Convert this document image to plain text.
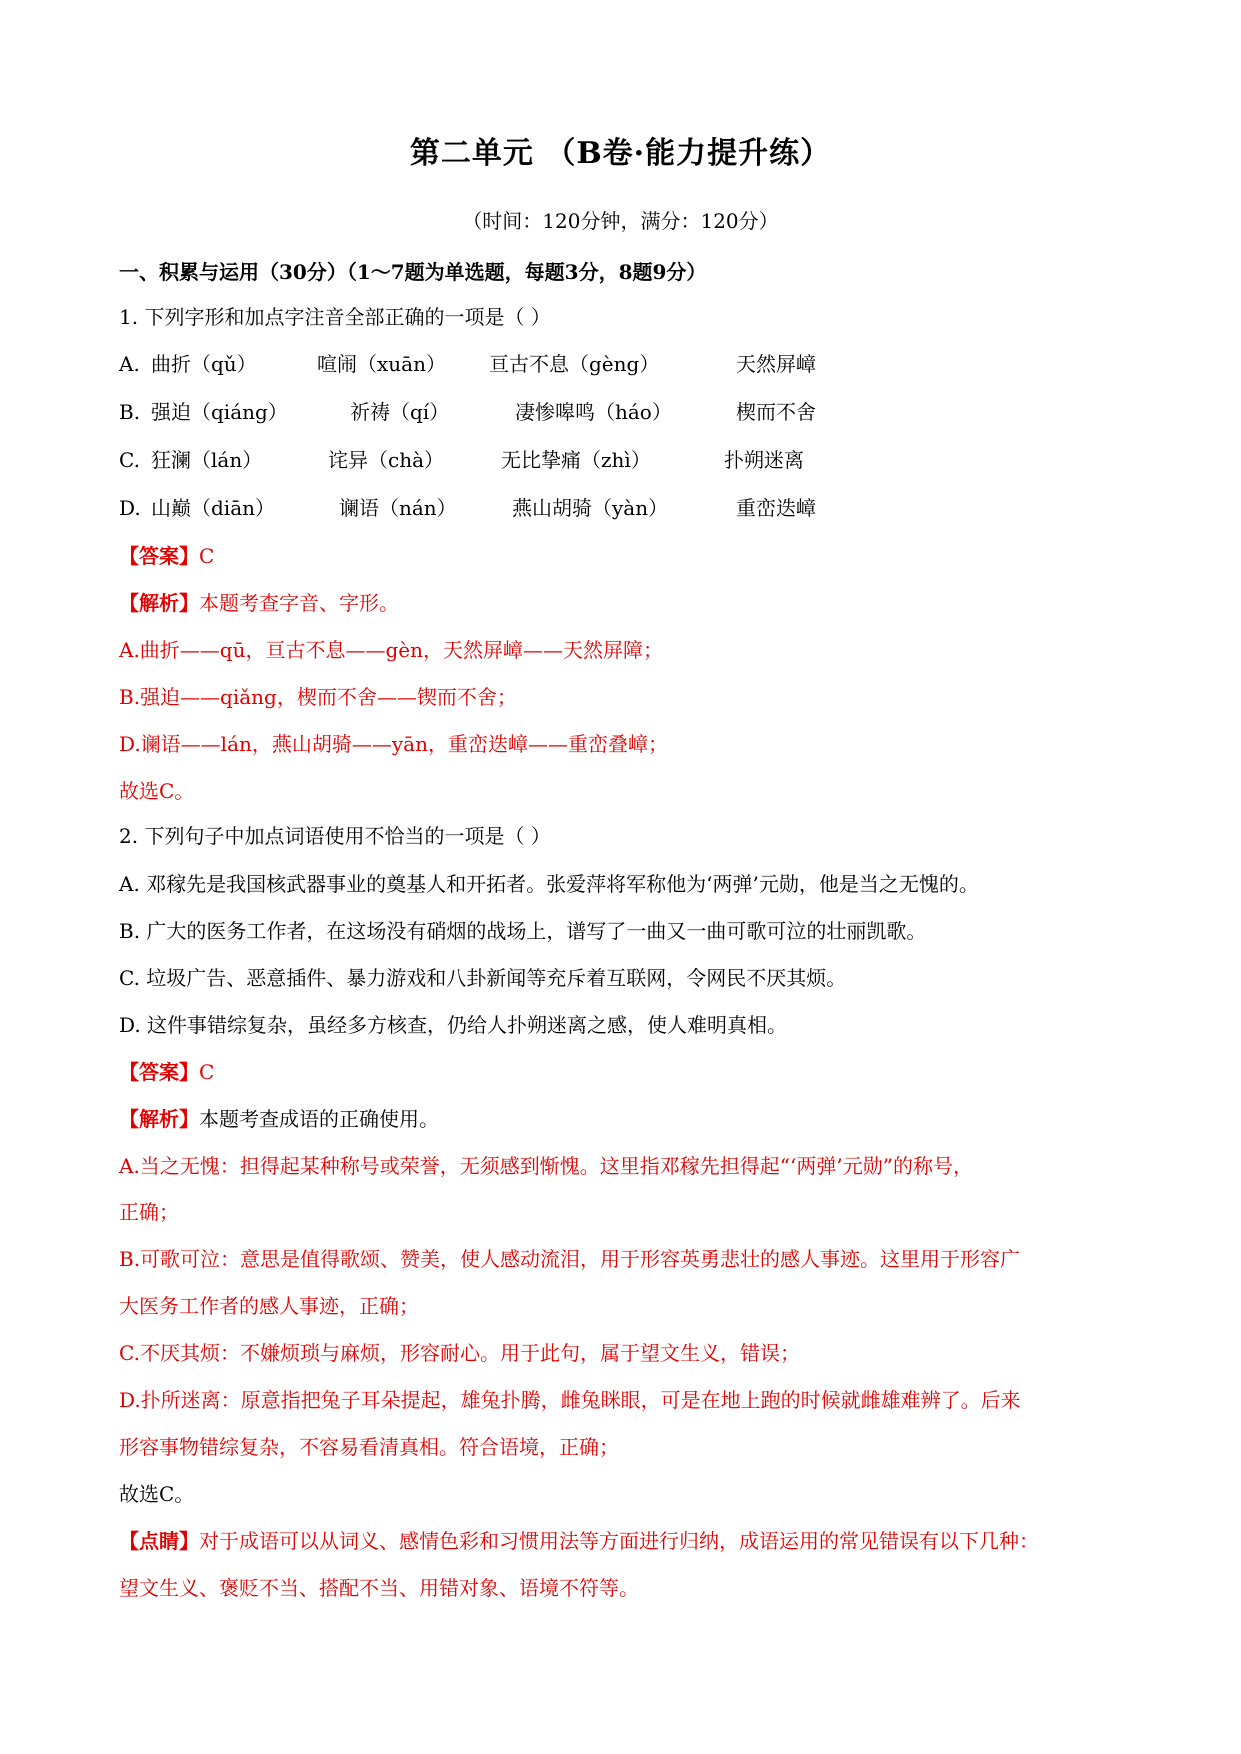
第二单元 （B卷·能力提升练）
（时间：120分钟，满分：120分）
一、积累与运用（30分）（1～7题为单选题，每题3分，8题9分）
1. 下列字形和加点字注音全部正确的一项是（ ）
A. 曲折（qǔ）	喧闹（xuān） 亘古不息（gèng）	天然屏嶂
B. 强迫（qiáng）	祈祷（qí）	凄惨嗥鸣（háo）	楔而不舍
C. 狂澜（lán）	诧异（chà）	无比挚痛（zhì）	扑朔迷离
D. 山巅（diān）	谰语（nán）	燕山胡骑（yàn）	重峦迭嶂
【答案】C
【解析】本题考查字音、字形。
A.曲折——qū，亘古不息——gèn，天然屏嶂——天然屏障；
B.强迫——qiǎng，楔而不舍——锲而不舍；
D.谰语——lán，燕山胡骑——yān，重峦迭嶂——重峦叠嶂；
故选C。
2. 下列句子中加点词语使用不恰当的一项是（ ）
A. 邓稼先是我国核武器事业的奠基人和开拓者。张爱萍将军称他为‘两弹’元勋，他是当之无愧的。
B. 广大的医务工作者，在这场没有硝烟的战场上，谱写了一曲又一曲可歌可泣的壮丽凯歌。
C. 垃圾广告、恶意插件、暴力游戏和八卦新闻等充斥着互联网，令网民不厌其烦。
D. 这件事错综复杂，虽经多方核查，仍给人扑朔迷离之感，使人难明真相。
【答案】C
【解析】本题考查成语的正确使用。
A.当之无愧：担得起某种称号或荣誉，无须感到惭愧。这里指邓稼先担得起“‘两弹’元勋”的称号，
正确；
B.可歌可泣：意思是值得歌颂、赞美，使人感动流泪，用于形容英勇悲壮的感人事迹。这里用于形容广
大医务工作者的感人事迹，正确；
C.不厌其烦：不嫌烦琐与麻烦，形容耐心。用于此句，属于望文生义，错误；
D.扑所迷离：原意指把兔子耳朵提起，雄兔扑腾，雌兔眯眼，可是在地上跑的时候就雌雄难辨了。后来
形容事物错综复杂，不容易看清真相。符合语境，正确；
故选C。
【点睛】对于成语可以从词义、感情色彩和习惯用法等方面进行归纳，成语运用的常见错误有以下几种：
望文生义、褒贬不当、搭配不当、用错对象、语境不符等。
